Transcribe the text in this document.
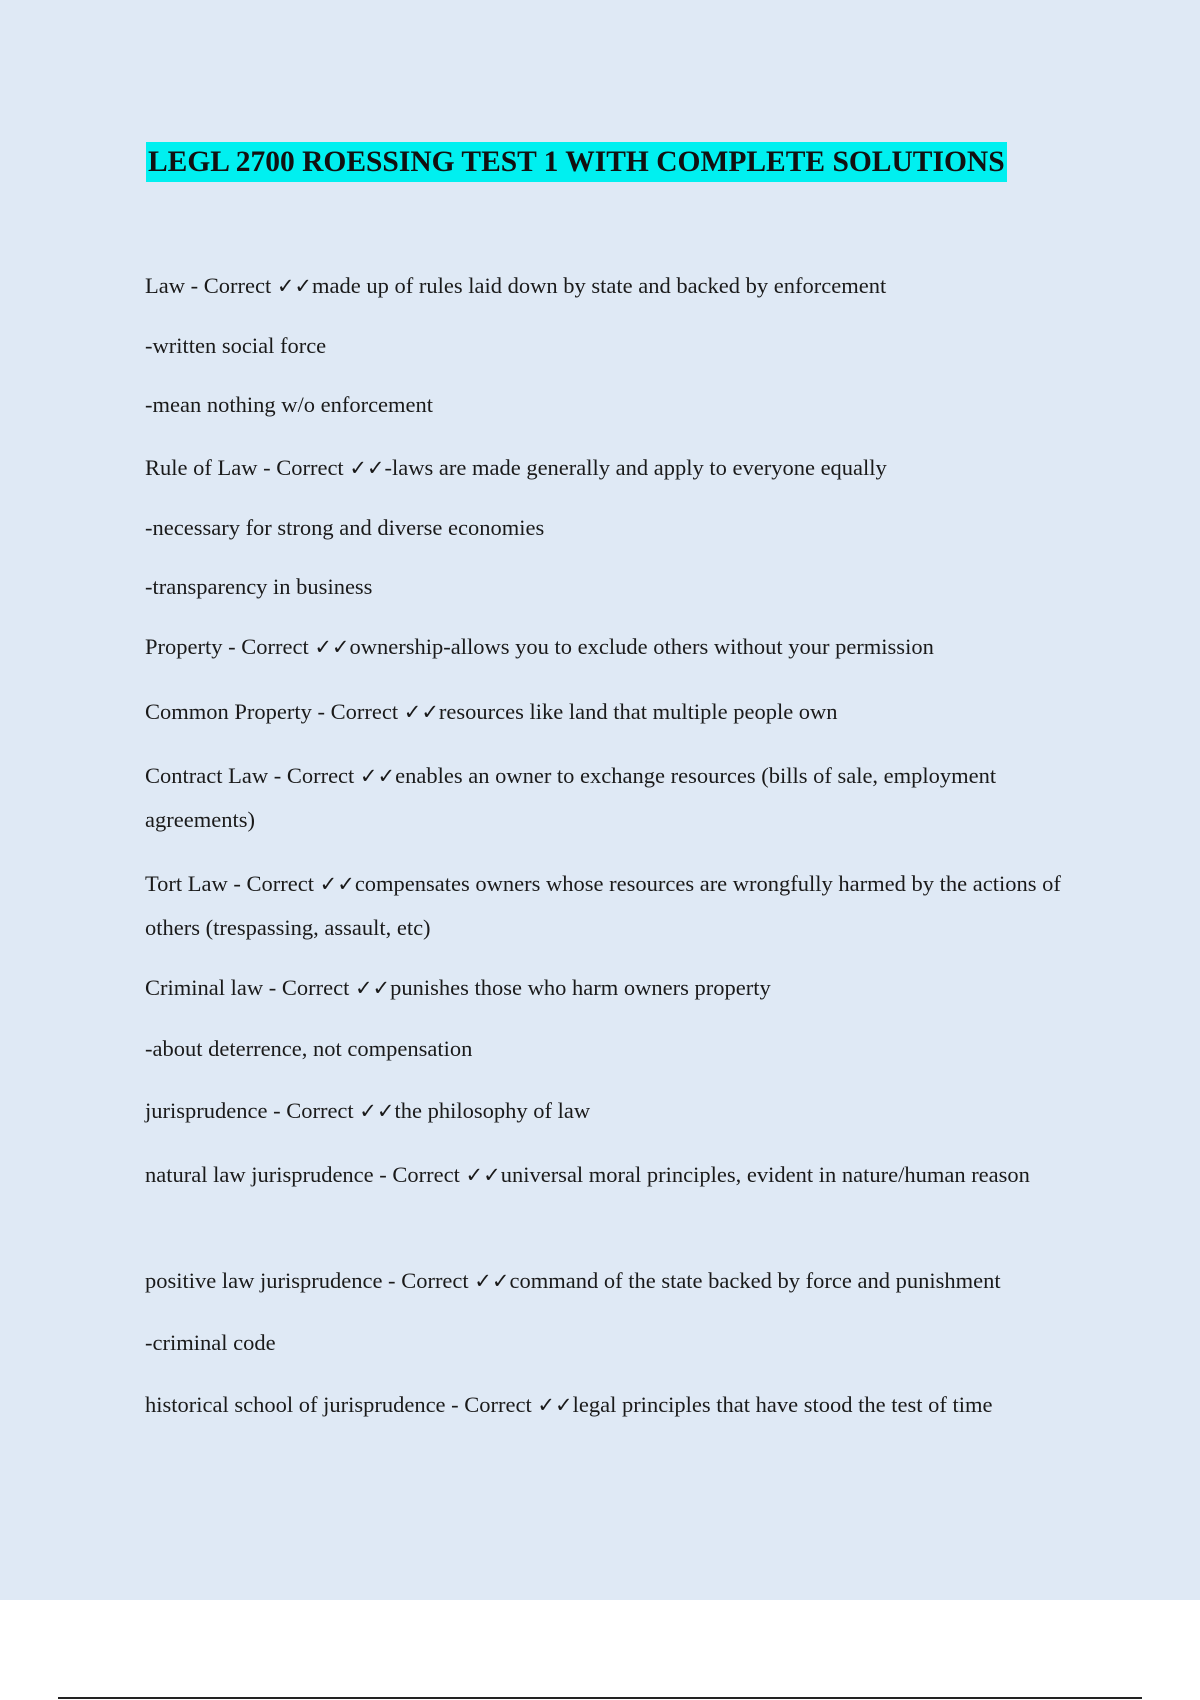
LEGL 2700 ROESSING TEST 1 WITH COMPLETE SOLUTIONS
Law - Correct ✓✓made up of rules laid down by state and backed by enforcement
-written social force
-mean nothing w/o enforcement
Rule of Law - Correct ✓✓-laws are made generally and apply to everyone equally
-necessary for strong and diverse economies
-transparency in business
Property - Correct ✓✓ownership-allows you to exclude others without your permission
Common Property - Correct ✓✓resources like land that multiple people own
Contract Law - Correct ✓✓enables an owner to exchange resources (bills of sale, employment agreements)
Tort Law - Correct ✓✓compensates owners whose resources are wrongfully harmed by the actions of others (trespassing, assault, etc)
Criminal law - Correct ✓✓punishes those who harm owners property
-about deterrence, not compensation
jurisprudence - Correct ✓✓the philosophy of law
natural law jurisprudence - Correct ✓✓universal moral principles, evident in nature/human reason
positive law jurisprudence - Correct ✓✓command of the state backed by force and punishment
-criminal code
historical school of jurisprudence - Correct ✓✓legal principles that have stood the test of time
